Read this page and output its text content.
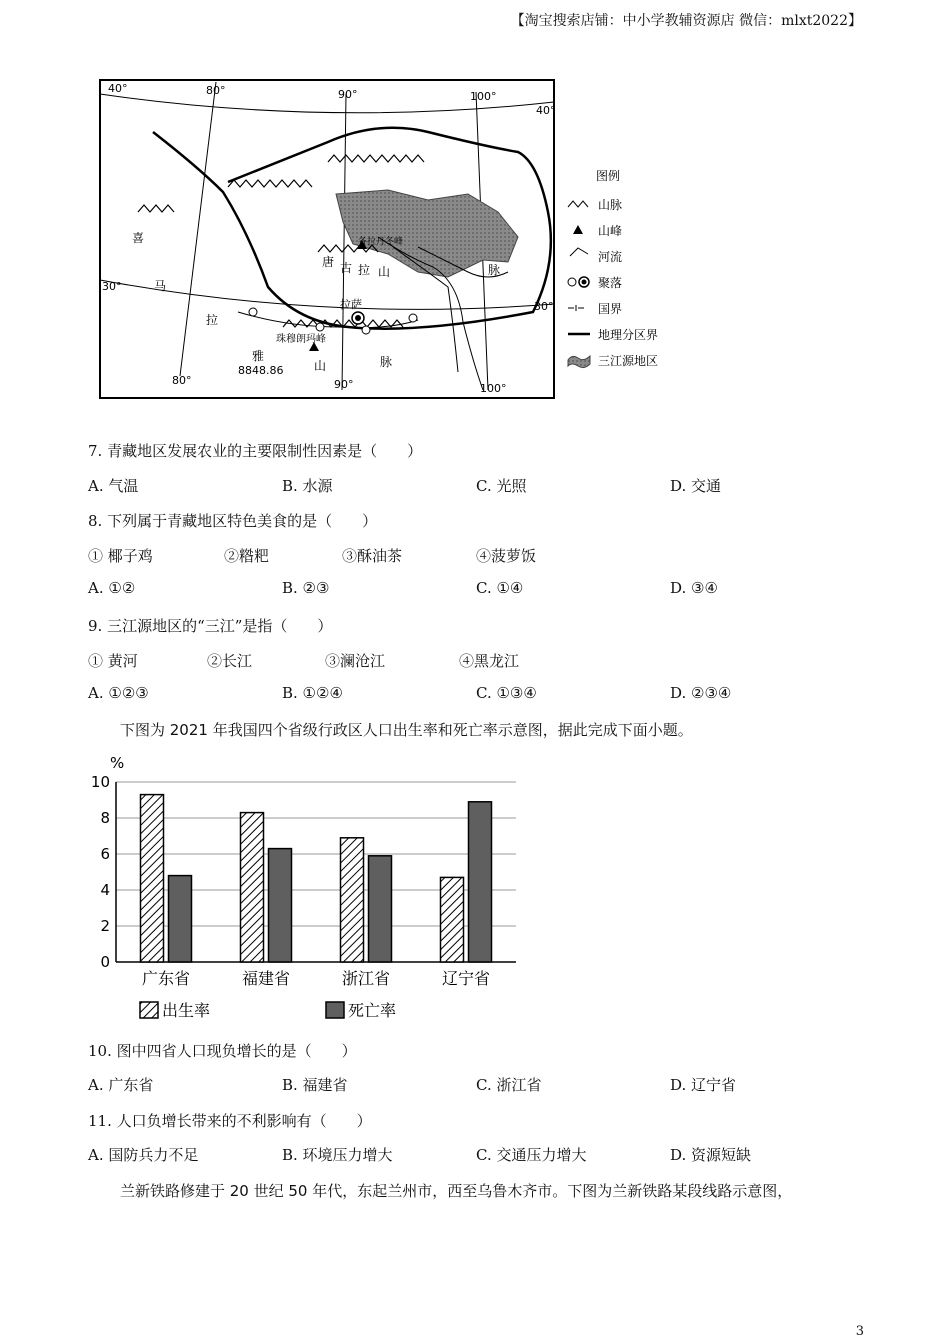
【淘宝搜索店铺：中小学教辅资源店 微信：mlxt2022】
40°	80°	90°	100°
40°
30°
30°
80°	90°	100°
喜
马
拉
雅
山	脉
唐 古 拉 山	脉
各拉丹冬峰
拉萨
珠穆朗玛峰
8848.86
图例
山脉
山峰
河流
聚落
国界
地理分区界
三江源地区
7. 青藏地区发展农业的主要限制性因素是（　　）
A. 气温	B. 水源	C. 光照	D. 交通
8. 下列属于青藏地区特色美食的是（　　）
① 椰子鸡	②糌粑	③酥油茶	④菠萝饭
A. ①②	B. ②③	C. ①④	D. ③④
9. 三江源地区的“三江”是指（　　）
① 黄河	②长江	③澜沧江	④黑龙江
A. ①②③	B. ①②④	C. ①③④	D. ②③④
下图为 2021 年我国四个省级行政区人口出生率和死亡率示意图，据此完成下面小题。
%
0
2
4
6
8
10
广东省	福建省	浙江省	辽宁省
出生率	死亡率
10. 图中四省人口现负增长的是（　　）
A. 广东省	B. 福建省	C. 浙江省	D. 辽宁省
11. 人口负增长带来的不利影响有（　　）
A. 国防兵力不足	B. 环境压力增大	C. 交通压力增大	D. 资源短缺
兰新铁路修建于 20 世纪 50 年代，东起兰州市，西至乌鲁木齐市。下图为兰新铁路某段线路示意图，
3
